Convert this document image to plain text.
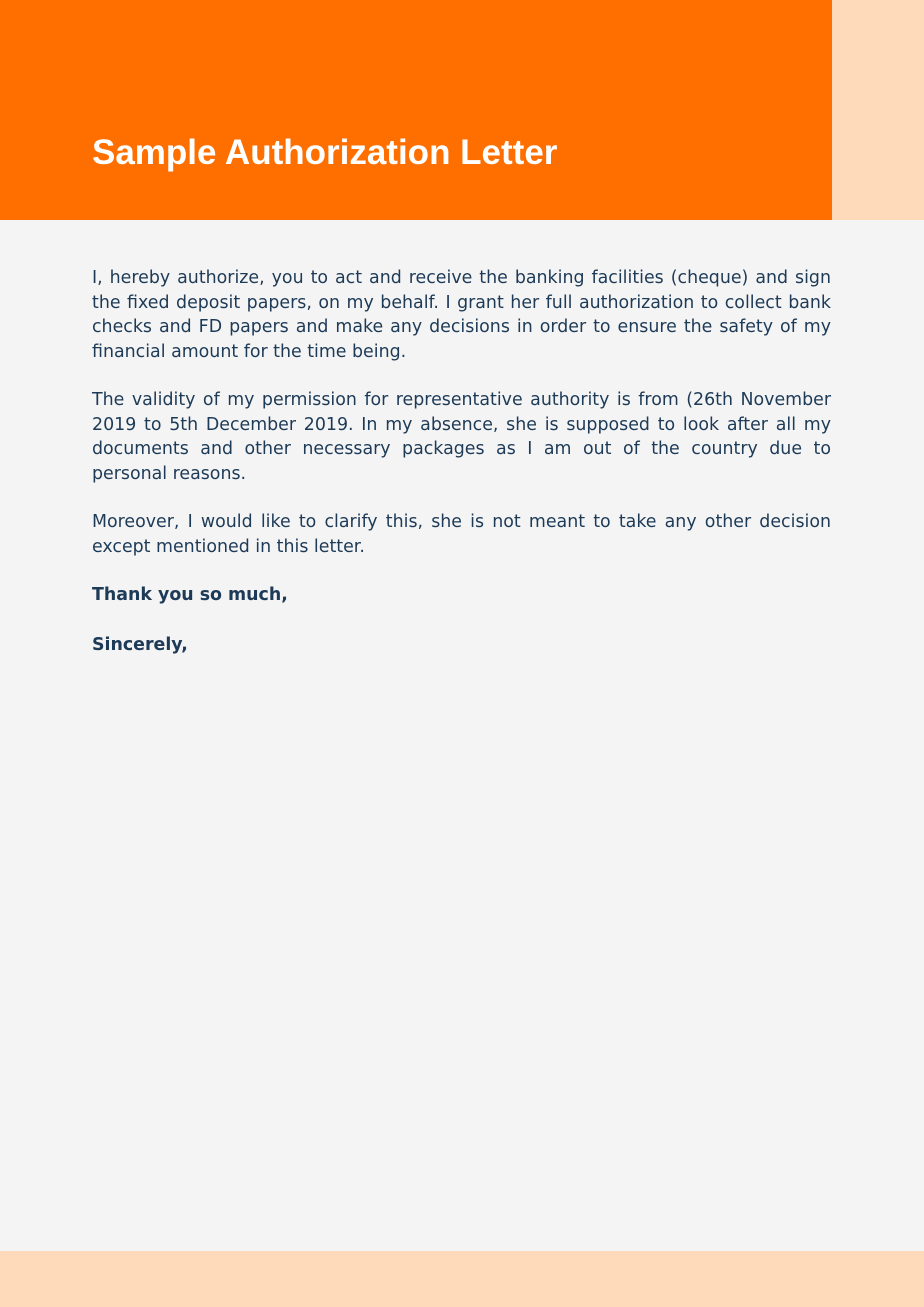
Sample Authorization Letter

I, hereby authorize, you to act and receive the banking facilities (cheque) and sign the fixed deposit papers, on my behalf. I grant her full authorization to collect bank checks and FD papers and make any decisions in order to ensure the safety of my financial amount for the time being.

The validity of my permission for representative authority is from (26th November 2019 to 5th December 2019. In my absence, she is supposed to look after all my documents and other necessary packages as I am out of the country due to personal reasons.

Moreover, I would like to clarify this, she is not meant to take any other decision except mentioned in this letter.

Thank you so much,

Sincerely,
